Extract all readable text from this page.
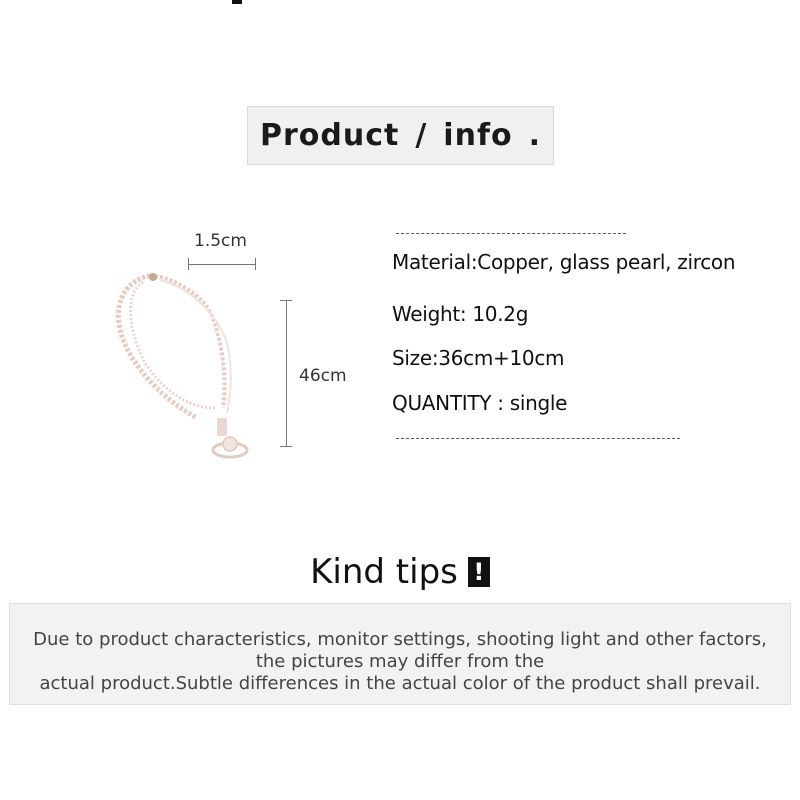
Product / info .
1.5cm
46cm
Material:Copper, glass pearl, zircon
Weight: 10.2g
Size:36cm+10cm
QUANTITY : single
Kind tips !
Due to product characteristics, monitor settings, shooting light and other factors,
the pictures may differ from the
actual product.Subtle differences in the actual color of the product shall prevail.
